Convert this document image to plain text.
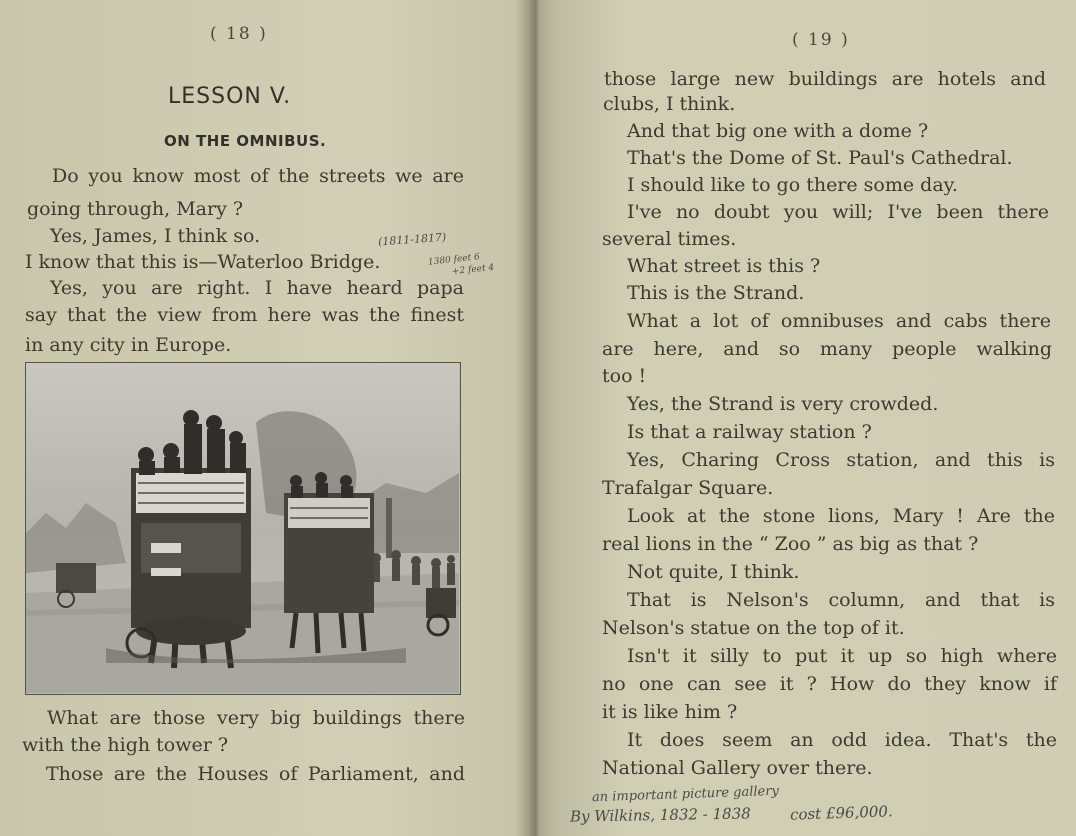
( 18 )
LESSON V.
ON THE OMNIBUS.
Do you know most of the streets we are
going through, Mary ?
Yes, James, I think so.
I know that this is—Waterloo Bridge.
Yes, you are right. I have heard papa
say that the view from here was the finest
in any city in Europe.
(1811-1817)
1380 feet 6
+2 feet 4
What are those very big buildings there
with the high tower ?
Those are the Houses of Parliament, and
( 19 )
those large new buildings are hotels and
clubs, I think.
And that big one with a dome ?
That's the Dome of St. Paul's Cathedral.
I should like to go there some day.
I've no doubt you will; I've been there
several times.
What street is this ?
This is the Strand.
What a lot of omnibuses and cabs there
are here, and so many people walking
too !
Yes, the Strand is very crowded.
Is that a railway station ?
Yes, Charing Cross station, and this is
Trafalgar Square.
Look at the stone lions, Mary ! Are the
real lions in the “ Zoo ” as big as that ?
Not quite, I think.
That is Nelson's column, and that is
Nelson's statue on the top of it.
Isn't it silly to put it up so high where
no one can see it ? How do they know if
it is like him ?
It does seem an odd idea. That's the
National Gallery over there.
an important picture gallery
By Wilkins, 1832 - 1838	cost £96,000.
